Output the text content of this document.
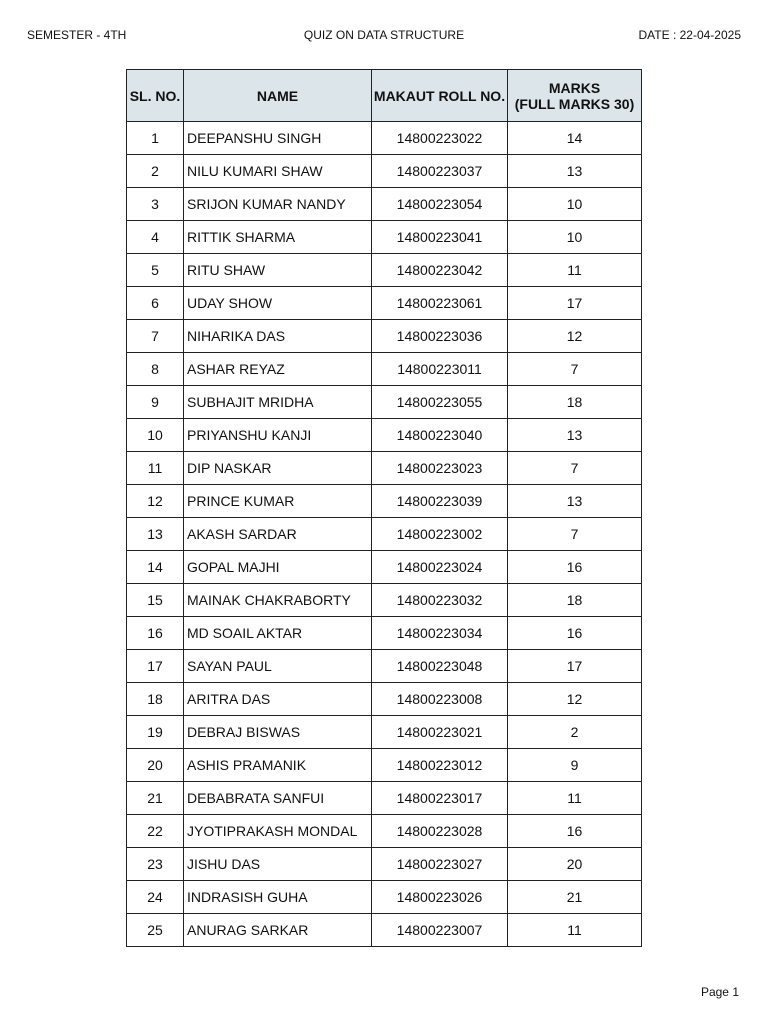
QUIZ ON DATA STRUCTURE
SEMESTER - 4TH	DATE : 22-04-2025
SL. NO.	NAME	MAKAUT ROLL NO.	MARKS
(FULL MARKS 30)
1	DEEPANSHU SINGH	14800223022	14
2	NILU KUMARI SHAW	14800223037	13
3	SRIJON KUMAR NANDY	14800223054	10
4	RITTIK SHARMA	14800223041	10
5	RITU SHAW	14800223042	11
6	UDAY SHOW	14800223061	17
7	NIHARIKA DAS	14800223036	12
8	ASHAR REYAZ	14800223011	7
9	SUBHAJIT MRIDHA	14800223055	18
10	PRIYANSHU KANJI	14800223040	13
11	DIP NASKAR	14800223023	7
12	PRINCE KUMAR	14800223039	13
13	AKASH SARDAR	14800223002	7
14	GOPAL MAJHI	14800223024	16
15	MAINAK CHAKRABORTY	14800223032	18
16	MD SOAIL AKTAR	14800223034	16
17	SAYAN PAUL	14800223048	17
18	ARITRA DAS	14800223008	12
19	DEBRAJ BISWAS	14800223021	2
20	ASHIS PRAMANIK	14800223012	9
21	DEBABRATA SANFUI	14800223017	11
22	JYOTIPRAKASH MONDAL	14800223028	16
23	JISHU DAS	14800223027	20
24	INDRASISH GUHA	14800223026	21
25	ANURAG SARKAR	14800223007	11
Page 1
